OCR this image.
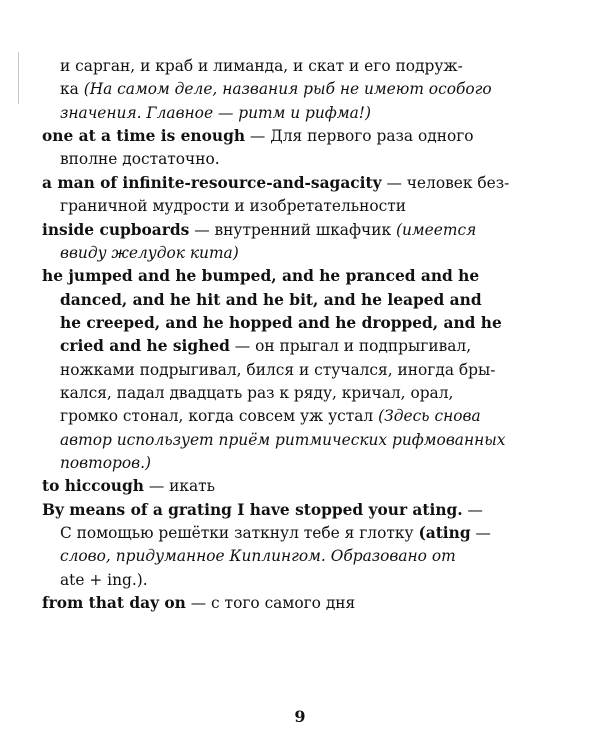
и сарган, и краб и лиманда, и скат и его подруж-
ка (На самом деле, названия рыб не имеют особого
значения. Главное — ритм и рифма!)
one at a time is enough — Для первого раза одного
вполне достаточно.
a man of infinite-resource-and-sagacity — человек без-
граничной мудрости и изобретательности
inside cupboards — внутренний шкафчик (имеется
ввиду желудок кита)
he jumped and he bumped, and he pranced and he
danced, and he hit and he bit, and he leaped and
he creeped, and he hopped and he dropped, and he
cried and he sighed — он прыгал и подпрыгивал,
ножками подрыгивал, бился и стучался, иногда бры-
кался, падал двадцать раз к ряду, кричал, орал,
громко стонал, когда совсем уж устал (Здесь снова
автор использует приём ритмических рифмованных
повторов.)
to hiccough — икать
By means of a grating I have stopped your ating. —
С помощью решётки заткнул тебе я глотку (ating —
слово, придуманное Киплингом. Образовано от
ate + ing.).
from that day on — с того самого дня
9
